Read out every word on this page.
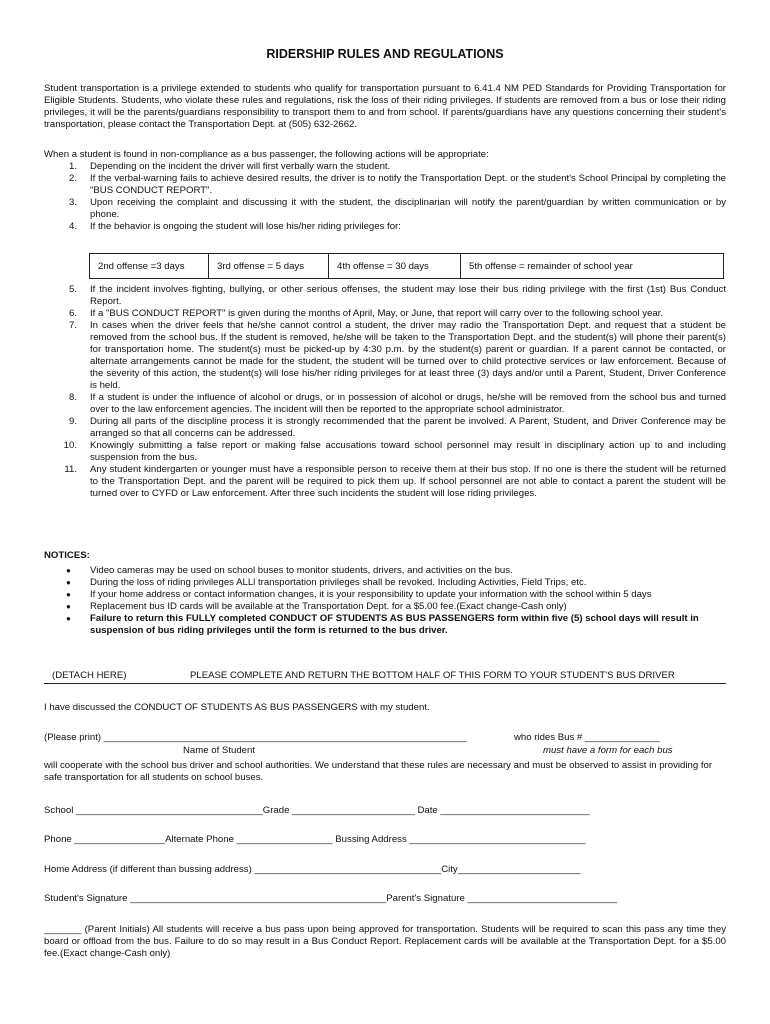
RIDERSHIP RULES AND REGULATIONS
Student transportation is a privilege extended to students who qualify for transportation pursuant to 6.41.4 NM PED Standards for Providing Transportation for Eligible Students. Students, who violate these rules and regulations, risk the loss of their riding privileges. If students are removed from a bus or lose their riding privileges, it will be the parents/guardians responsibility to transport them to and from school. If parents/guardians have any questions concerning their student's transportation, please contact the Transportation Dept. at (505) 632-2662.
When a student is found in non-compliance as a bus passenger, the following actions will be appropriate:
1. Depending on the incident the driver will first verbally warn the student.
2. If the verbal-warning fails to achieve desired results, the driver is to notify the Transportation Dept. or the student's School Principal by completing the "BUS CONDUCT REPORT".
3. Upon receiving the complaint and discussing it with the student, the disciplinarian will notify the parent/guardian by written communication or by phone.
4. If the behavior is ongoing the student will lose his/her riding privileges for:
2nd offense =3 days	3rd offense = 5 days	4th offense = 30 days	5th offense = remainder of school year
5. If the incident involves fighting, bullying, or other serious offenses, the student may lose their bus riding privilege with the first (1st) Bus Conduct Report.
6. If a "BUS CONDUCT REPORT" is given during the months of April, May, or June, that report will carry over to the following school year.
7. In cases when the driver feels that he/she cannot control a student, the driver may radio the Transportation Dept. and request that a student be removed from the school bus. If the student is removed, he/she will be taken to the Transportation Dept. and the student(s) will phone their parent(s) for transportation home. The student(s) must be picked-up by 4:30 p.m. by the student(s) parent or guardian. If a parent cannot be contacted, or alternate arrangements cannot be made for the student, the student will be turned over to child protective services or law enforcement. Because of the severity of this action, the student(s) will lose his/her riding privileges for at least three (3) days and/or until a Parent, Student, Driver Conference is held.
8. If a student is under the influence of alcohol or drugs, or in possession of alcohol or drugs, he/she will be removed from the school bus and turned over to the law enforcement agencies. The incident will then be reported to the appropriate school administrator.
9. During all parts of the discipline process it is strongly recommended that the parent be involved. A Parent, Student, and Driver Conference may be arranged so that all concerns can be addressed.
10. Knowingly submitting a false report or making false accusations toward school personnel may result in disciplinary action up to and including suspension from the bus.
11. Any student kindergarten or younger must have a responsible person to receive them at their bus stop. If no one is there the student will be returned to the Transportation Dept. and the parent will be required to pick them up. If school personnel are not able to contact a parent the student will be turned over to CYFD or Law enforcement. After three such incidents the student will lose riding privileges.
NOTICES:
● Video cameras may be used on school buses to monitor students, drivers, and activities on the bus.
● During the loss of riding privileges ALLl transportation privileges shall be revoked. Including Activities, Field Trips, etc.
● If your home address or contact information changes, it is your responsibility to update your information with the school within 5 days
● Replacement bus ID cards will be available at the Transportation Dept. for a $5.00 fee.(Exact change-Cash only)
● Failure to return this FULLY completed CONDUCT OF STUDENTS AS BUS PASSENGERS form within five (5) school days will result in suspension of bus riding privileges until the form is returned to the bus driver.
(DETACH HERE)	PLEASE COMPLETE AND RETURN THE BOTTOM HALF OF THIS FORM TO YOUR STUDENT'S BUS DRIVER
I have discussed the CONDUCT OF STUDENTS AS BUS PASSENGERS with my student.
(Please print) ____________________________________________________________________	who rides Bus # ______________
Name of Student	must have a form for each bus
will cooperate with the school bus driver and school authorities. We understand that these rules are necessary and must be observed to assist in providing for safe transportation for all students on school buses.
School ___________________________________Grade _______________________ Date ____________________________
Phone _________________Alternate Phone __________________ Bussing Address _________________________________
Home Address (if different than bussing address) ___________________________________City_______________________
Student's Signature ________________________________________________Parent's Signature ____________________________
_______ (Parent Initials) All students will receive a bus pass upon being approved for transportation. Students will be required to scan this pass any time they board or offload from the bus. Failure to do so may result in a Bus Conduct Report. Replacement cards will be available at the Transportation Dept. for a $5.00 fee.(Exact change-Cash only)
